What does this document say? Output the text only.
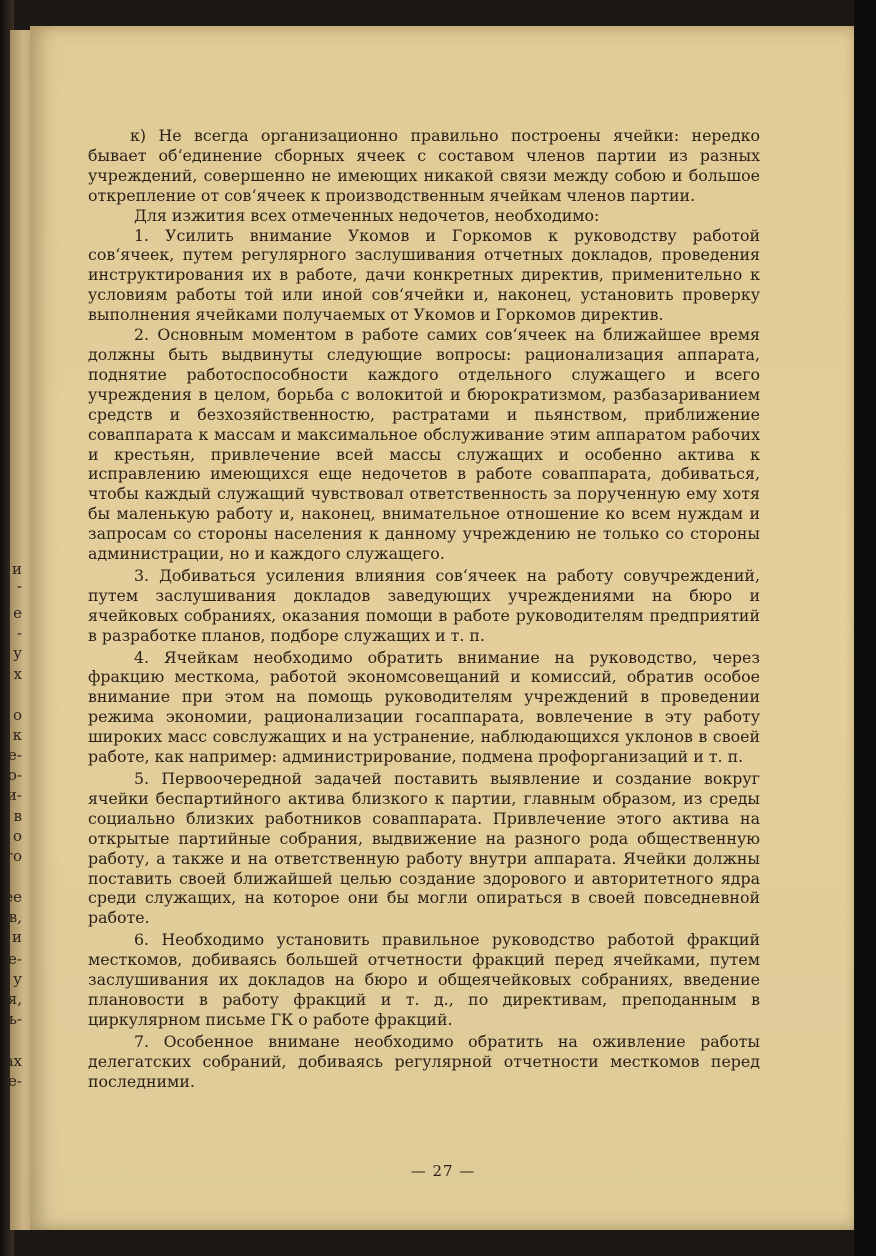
и
-
е
-
у
х
о
к
е-
о-
и-
в
о
го
ее
в,
и
е-
у
я,
ь-
ах
е-

к) Не всегда организационно правильно построены ячейки: нередко бывает об‘единение сборных ячеек с составом членов партии из разных учреждений, совершенно не имеющих никакой связи между собою и большое открепление от сов‘ячеек к производственным ячейкам членов партии.

Для изжития всех отмеченных недочетов, необходимо:

1. Усилить внимание Укомов и Горкомов к руководству работой сов‘ячеек, путем регулярного заслушивания отчетных докладов, проведения инструктирования их в работе, дачи конкретных директив, применительно к условиям работы той или иной сов‘ячейки и, наконец, установить проверку выполнения ячейками получаемых от Укомов и Горкомов директив.

2. Основным моментом в работе самих сов‘ячеек на ближайшее время должны быть выдвинуты следующие вопросы: рационализация аппарата, поднятие работоспособности каждого отдельного служащего и всего учреждения в целом, борьба с волокитой и бюрократизмом, разбазариванием средств и безхозяйственностю, растратами и пьянством, приближение совaппарата к массам и максимальное обслуживание этим аппаратом рабочих и крестьян, привлечение всей массы служащих и особенно актива к исправлению имеющихся еще недочетов в работе совaппарата, добиваться, чтобы каждый служащий чувствовал ответственность за порученную ему хотя бы маленькую работу и, наконец, внимательное отношение ко всем нуждам и запросам со стороны населения к данному учреждению не только со стороны администрации, но и каждого служащего.

3. Добиваться усиления влияния сов‘ячеек на работу совучреждений, путем заслушивания докладов заведующих учреждениями на бюро и ячейковых собраниях, оказания помощи в работе руководителям предприятий в разработке планов, подборе служащих и т. п.

4. Ячейкам необходимо обратить внимание на руководство, через фракцию месткома, работой экономсовещаний и комиссий, обратив особое внимание при этом на помощь руководителям учреждений в проведении режима экономии, рационализации госаппарата, вовлечение в эту работу широких масс совслужащих и на устранение, наблюдающихся уклонов в своей работе, как например: администрирование, подмена профорганизаций и т. п.

5. Первоочередной задачей поставить выявление и создание вокруг ячейки беспартийного актива близкого к партии, главным образом, из среды социально близких работников совaппарата. Привлечение этого актива на открытые партийные собрания, выдвижение на разного рода общественную работу, а также и на ответственную работу внутри аппарата. Ячейки должны поставить своей ближайшей целью создание здорового и авторитетного ядра среди служащих, на которое они бы могли опираться в своей повседневной работе.

6. Необходимо установить правильное руководство работой фракций месткомов, добиваясь большей отчетности фракций перед ячейками, путем заслушивания их докладов на бюро и общеячейковых собраниях, введение плановости в работу фракций и т. д., по директивам, преподанным в циркулярном письме ГК о работе фракций.

7. Особенное внимане необходимо обратить на оживление работы делегатских собраний, добиваясь регулярной отчетности месткомов перед последними.

— 27 —
